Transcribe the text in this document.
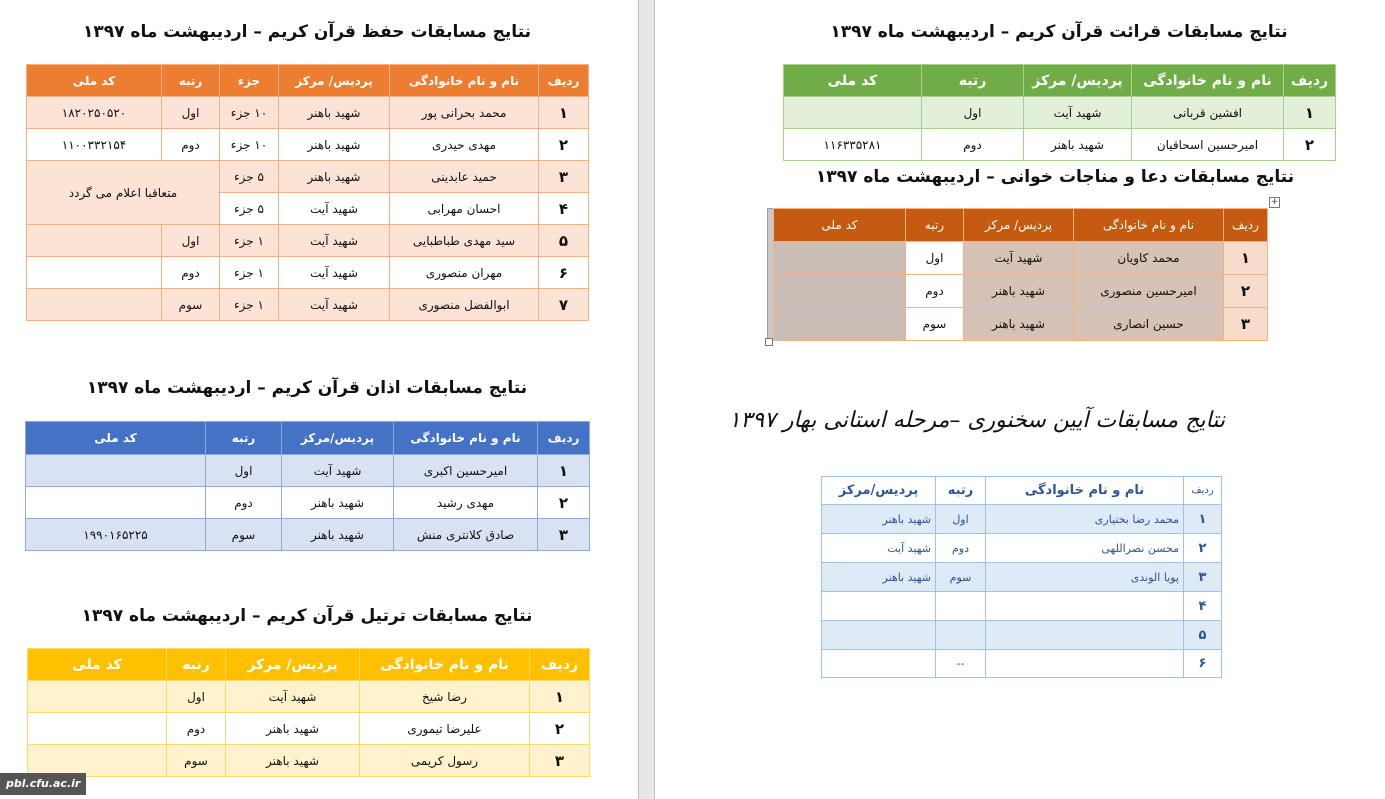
نتایج مسابقات حفظ قرآن کریم – اردیبهشت ماه ۱۳۹۷
ردیف	نام و نام خانوادگی	پردیس/ مرکز	جزء	رتبه	کد ملی
۱	محمد بحرانی پور	شهید باهنر	۱۰ جزء	اول	۱۸۲۰۲۵۰۵۲۰
۲	مهدی حیدری	شهید باهنر	۱۰ جزء	دوم	۱۱۰۰۳۳۲۱۵۴
۳	حمید عابدینی	شهید باهنر	۵ جزء	متعاقبا اعلام می گردد	
۴	احسان مهرابی	شهید آیت	۵ جزء		
۵	سید مهدی طباطبایی	شهید آیت	۱ جزء	اول	
۶	مهران منصوری	شهید آیت	۱ جزء	دوم	
۷	ابوالفضل منصوری	شهید آیت	۱ جزء	سوم	
نتایج مسابقات اذان قرآن کریم – اردیبهشت ماه ۱۳۹۷
ردیف	نام و نام خانوادگی	پردیس/مرکز	رتبه	کد ملی
۱	امیرحسین اکبری	شهید آیت	اول	
۲	مهدی رشید	شهید باهنر	دوم	
۳	صادق کلانتری منش	شهید باهنر	سوم	۱۹۹۰۱۶۵۲۲۵
نتایج مسابقات ترتیل قرآن کریم – اردیبهشت ماه ۱۳۹۷
ردیف	نام و نام خانوادگی	پردیس/ مرکز	رتبه	کد ملی
۱	رضا شیخ	شهید آیت	اول	
۲	علیرضا تیموری	شهید باهنر	دوم	
۳	رسول کریمی	شهید باهنر	سوم	
pbl.cfu.ac.ir
نتایج مسابقات قرائت قرآن کریم – اردیبهشت ماه ۱۳۹۷
ردیف	نام و نام خانوادگی	پردیس/ مرکز	رتبه	کد ملی
۱	افشین قربانی	شهید آیت	اول	
۲	امیرحسین اسحاقیان	شهید باهنر	دوم	۱۱۶۳۳۵۲۸۱
نتایج مسابقات دعا و مناجات خوانی – اردیبهشت ماه ۱۳۹۷
+
ردیف	نام و نام خانوادگی	پردیس/ مرکز	رتبه	کد ملی
۱	محمد کاویان	شهید آیت	اول	
۲	امیرحسین منصوری	شهید باهنر	دوم	
۳	حسین انصاری	شهید باهنر	سوم	
نتایج مسابقات آیین سخنوری –مرحله استانی بهار ۱۳۹۷
ردیف	نام و نام خانوادگی	رتبه	پردیس/مرکز
۱	محمد رضا بختیاری	اول	شهید باهنر
۲	محسن نصراللهی	دوم	شهید آیت
۳	پویا الوندی	سوم	شهید باهنر
۴			
۵			
۶		--	
